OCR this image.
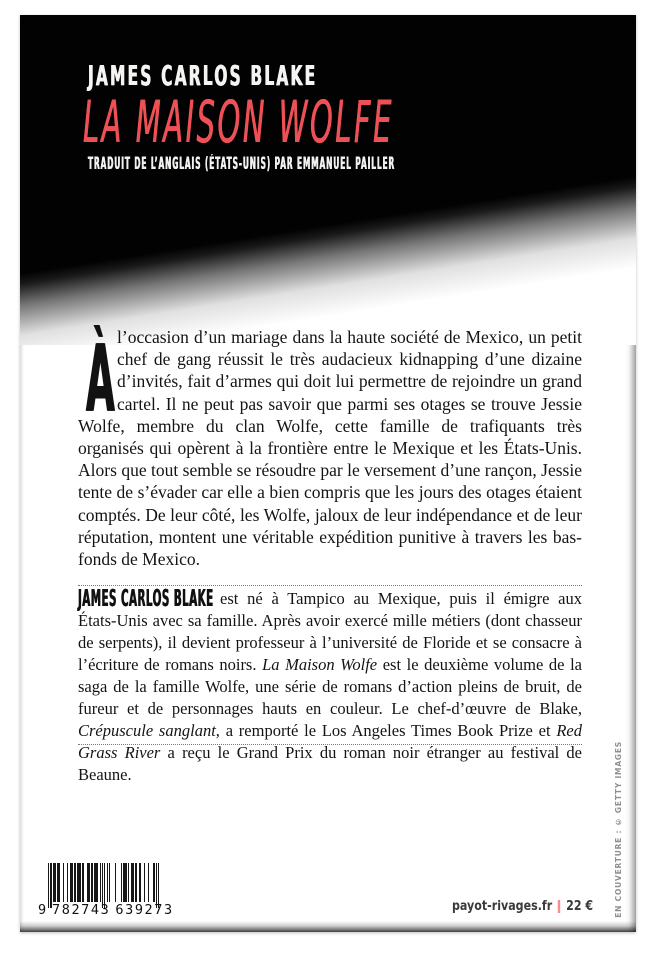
JAMES CARLOS BLAKE
LA MAISON WOLFE
TRADUIT DE L’ANGLAIS (ÉTATS-UNIS) PAR EMMANUEL PAILLER
À l’occasion d’un mariage dans la haute société de Mexico, un petit chef de gang réussit le très audacieux kidnapping d’une dizaine d’invités, fait d’armes qui doit lui permettre de rejoindre un grand cartel. Il ne peut pas savoir que parmi ses otages se trouve Jessie Wolfe, membre du clan Wolfe, cette famille de trafiquants très organisés qui opèrent à la frontière entre le Mexique et les États-Unis. Alors que tout semble se résoudre par le versement d’une rançon, Jessie tente de s’évader car elle a bien compris que les jours des otages étaient comptés. De leur côté, les Wolfe, jaloux de leur indépendance et de leur réputation, montent une véritable expédition punitive à travers les bas-fonds de Mexico.
JAMES CARLOS BLAKE est né à Tampico au Mexique, puis il émigre aux États-Unis avec sa famille. Après avoir exercé mille métiers (dont chasseur de serpents), il devient professeur à l’université de Floride et se consacre à l’écriture de romans noirs. La Maison Wolfe est le deuxième volume de la saga de la famille Wolfe, une série de romans d’action pleins de bruit, de fureur et de personnages hauts en couleur. Le chef-d’œuvre de Blake, Crépuscule sanglant, a remporté le Los Angeles Times Book Prize et Red Grass River a reçu le Grand Prix du roman noir étranger au festival de Beaune.
9 782743 639273	payot-rivages.fr 22 €	EN COUVERTURE : © GETTY IMAGES
